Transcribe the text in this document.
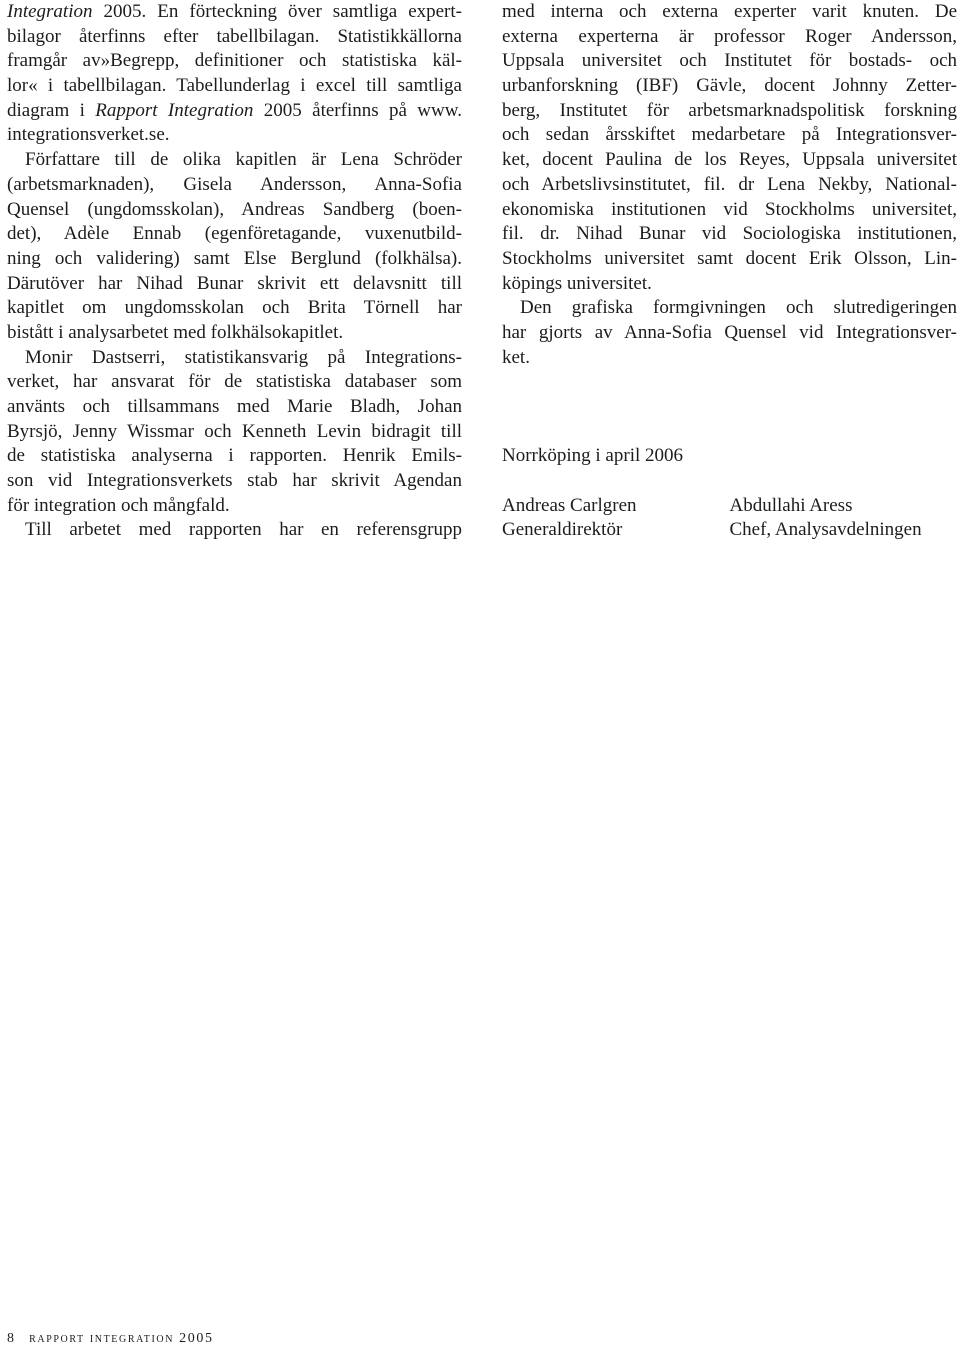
Integration 2005. En förteckning över samtliga expert-
bilagor återfinns efter tabellbilagan. Statistikkällorna
framgår av»Begrepp, definitioner och statistiska käl-
lor« i tabellbilagan. Tabellunderlag i excel till samtliga
diagram i Rapport Integration 2005 återfinns på www.
integrationsverket.se.
Författare till de olika kapitlen är Lena Schröder
(arbetsmarknaden), Gisela Andersson, Anna-Sofia
Quensel (ungdomsskolan), Andreas Sandberg (boen-
det), Adèle Ennab (egenföretagande, vuxenutbild-
ning och validering) samt Else Berglund (folkhälsa).
Därutöver har Nihad Bunar skrivit ett delavsnitt till
kapitlet om ungdomsskolan och Brita Törnell har
bistått i analysarbetet med folkhälsokapitlet.
Monir Dastserri, statistikansvarig på Integrations-
verket, har ansvarat för de statistiska databaser som
använts och tillsammans med Marie Bladh, Johan
Byrsjö, Jenny Wissmar och Kenneth Levin bidragit till
de statistiska analyserna i rapporten. Henrik Emils-
son vid Integrationsverkets stab har skrivit Agendan
för integration och mångfald.
Till arbetet med rapporten har en referensgrupp
med interna och externa experter varit knuten. De
externa experterna är professor Roger Andersson,
Uppsala universitet och Institutet för bostads- och
urbanforskning (IBF) Gävle, docent Johnny Zetter-
berg, Institutet för arbetsmarknadspolitisk forskning
och sedan årsskiftet medarbetare på Integrationsver-
ket, docent Paulina de los Reyes, Uppsala universitet
och Arbetslivsinstitutet, fil. dr Lena Nekby, National-
ekonomiska institutionen vid Stockholms universitet,
fil. dr. Nihad Bunar vid Sociologiska institutionen,
Stockholms universitet samt docent Erik Olsson, Lin-
köpings universitet.
Den grafiska formgivningen och slutredigeringen
har gjorts av Anna-Sofia Quensel vid Integrationsver-
ket.
Norrköping i april 2006
Andreas Carlgren
Generaldirektör
Abdullahi Aress
Chef, Analysavdelningen
8 rapport integration 2005
